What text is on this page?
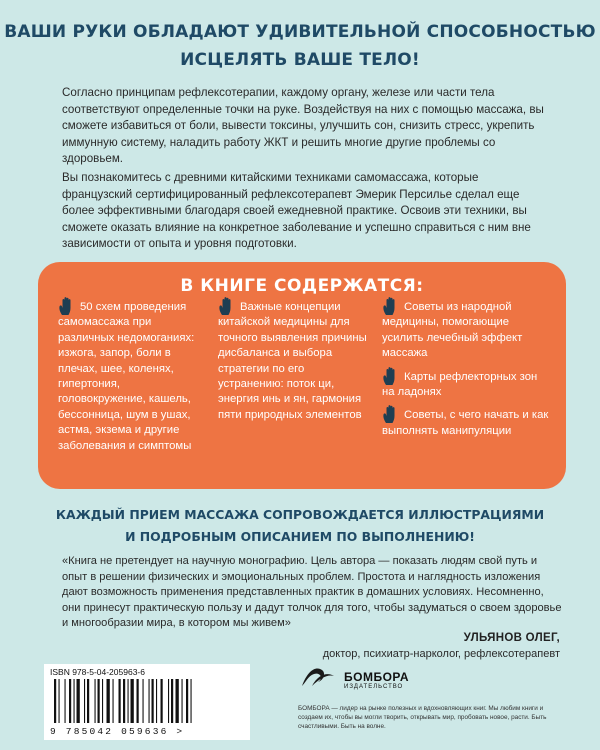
ВАШИ РУКИ ОБЛАДАЮТ УДИВИТЕЛЬНОЙ СПОСОБНОСТЬЮ
ИСЦЕЛЯТЬ ВАШЕ ТЕЛО!
Согласно принципам рефлексотерапии, каждому органу, железе или части тела соответствуют определенные точки на руке. Воздействуя на них с помощью массажа, вы сможете избавиться от боли, вывести токсины, улучшить сон, снизить стресс, укрепить иммунную систему, наладить работу ЖКТ и решить многие другие проблемы со здоровьем.
Вы познакомитесь с древними китайскими техниками самомассажа, которые французский сертифицированный рефлексотерапевт Эмерик Персилье сделал еще более эффективными благодаря своей ежедневной практике. Освоив эти техники, вы сможете оказать влияние на конкретное заболевание и успешно справиться с ним вне зависимости от опыта и уровня подготовки.
В КНИГЕ СОДЕРЖАТСЯ:
50 схем проведения самомассажа при различных недомоганиях: изжога, запор, боли в плечах, шее, коленях, гипертония, головокружение, кашель, бессонница, шум в ушах, астма, экзема и другие заболевания и симптомы
Важные концепции китайской медицины для точного выявления причины дисбаланса и выбора стратегии по его устранению: поток ци, энергия инь и ян, гармония пяти природных элементов
Советы из народной медицины, помогающие усилить лечебный эффект массажа
Карты рефлекторных зон на ладонях
Советы, с чего начать и как выполнять манипуляции
КАЖДЫЙ ПРИЕМ МАССАЖА СОПРОВОЖДАЕТСЯ ИЛЛЮСТРАЦИЯМИ
И ПОДРОБНЫМ ОПИСАНИЕМ ПО ВЫПОЛНЕНИЮ!
«Книга не претендует на научную монографию. Цель автора — показать людям свой путь и опыт в решении физических и эмоциональных проблем. Простота и наглядность изложения дают возможность применения представленных практик в домашних условиях. Несомненно, они принесут практическую пользу и дадут толчок для того, чтобы задуматься о своем здоровье и многообразии мира, в котором мы живем»
УЛЬЯНОВ ОЛЕГ,
доктор, психиатр-нарколог, рефлексотерапевт
ISBN 978-5-04-205963-6
9 785042 059636 >
БОМБОРА
ИЗДАТЕЛЬСТВО
БОМБОРА — лидер на рынке полезных и вдохновляющих книг. Мы любим книги и создаем их, чтобы вы могли творить, открывать мир, пробовать новое, расти. Быть счастливыми. Быть на волне.
